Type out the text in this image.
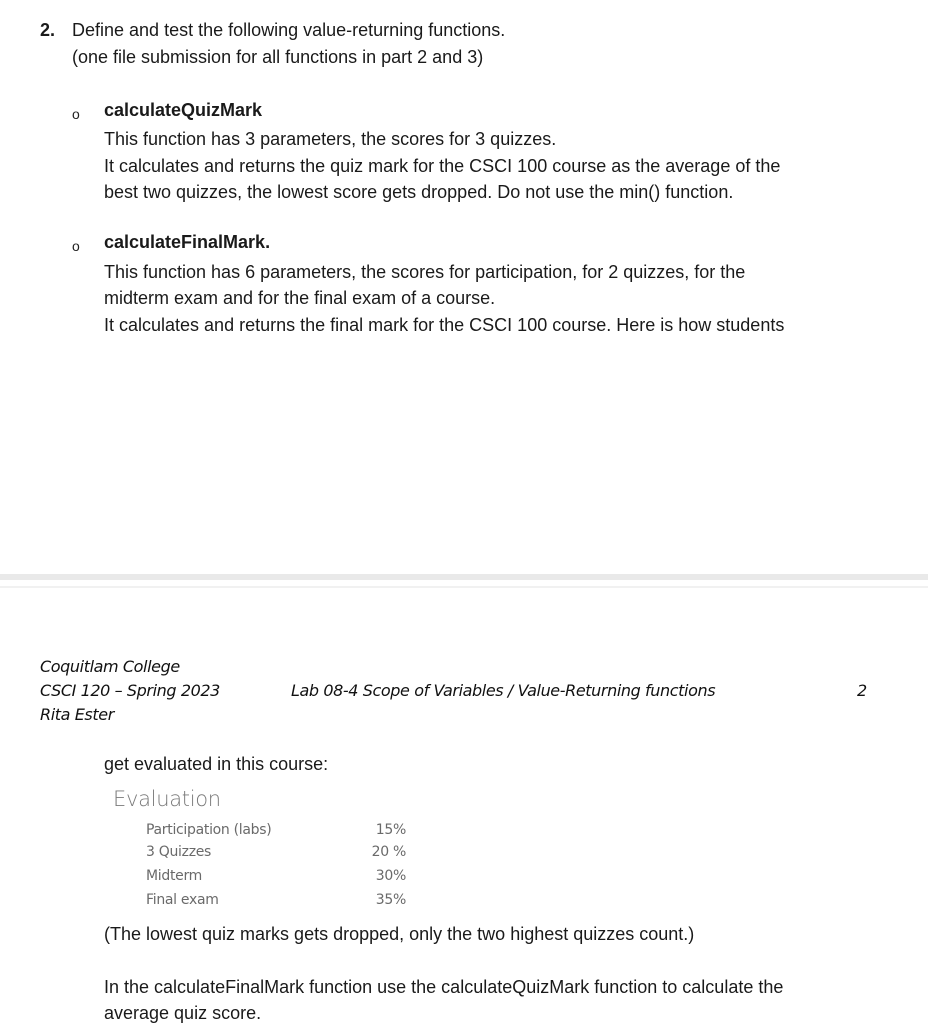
2. Define and test the following value-returning functions.
(one file submission for all functions in part 2 and 3)
o calculateQuizMark
This function has 3 parameters, the scores for 3 quizzes.
It calculates and returns the quiz mark for the CSCI 100 course as the average of the
best two quizzes, the lowest score gets dropped. Do not use the min() function.
o calculateFinalMark.
This function has 6 parameters, the scores for participation, for 2 quizzes, for the
midterm exam and for the final exam of a course.
It calculates and returns the final mark for the CSCI 100 course. Here is how students
Coquitlam College
CSCI 120 – Spring 2023
Rita Ester
Lab 08-4 Scope of Variables / Value-Returning functions	2
get evaluated in this course:
Evaluation
Participation (labs)	15%
3 Quizzes	20 %
Midterm	30%
Final exam	35%
(The lowest quiz marks gets dropped, only the two highest quizzes count.)
In the calculateFinalMark function use the calculateQuizMark function to calculate the
average quiz score.
